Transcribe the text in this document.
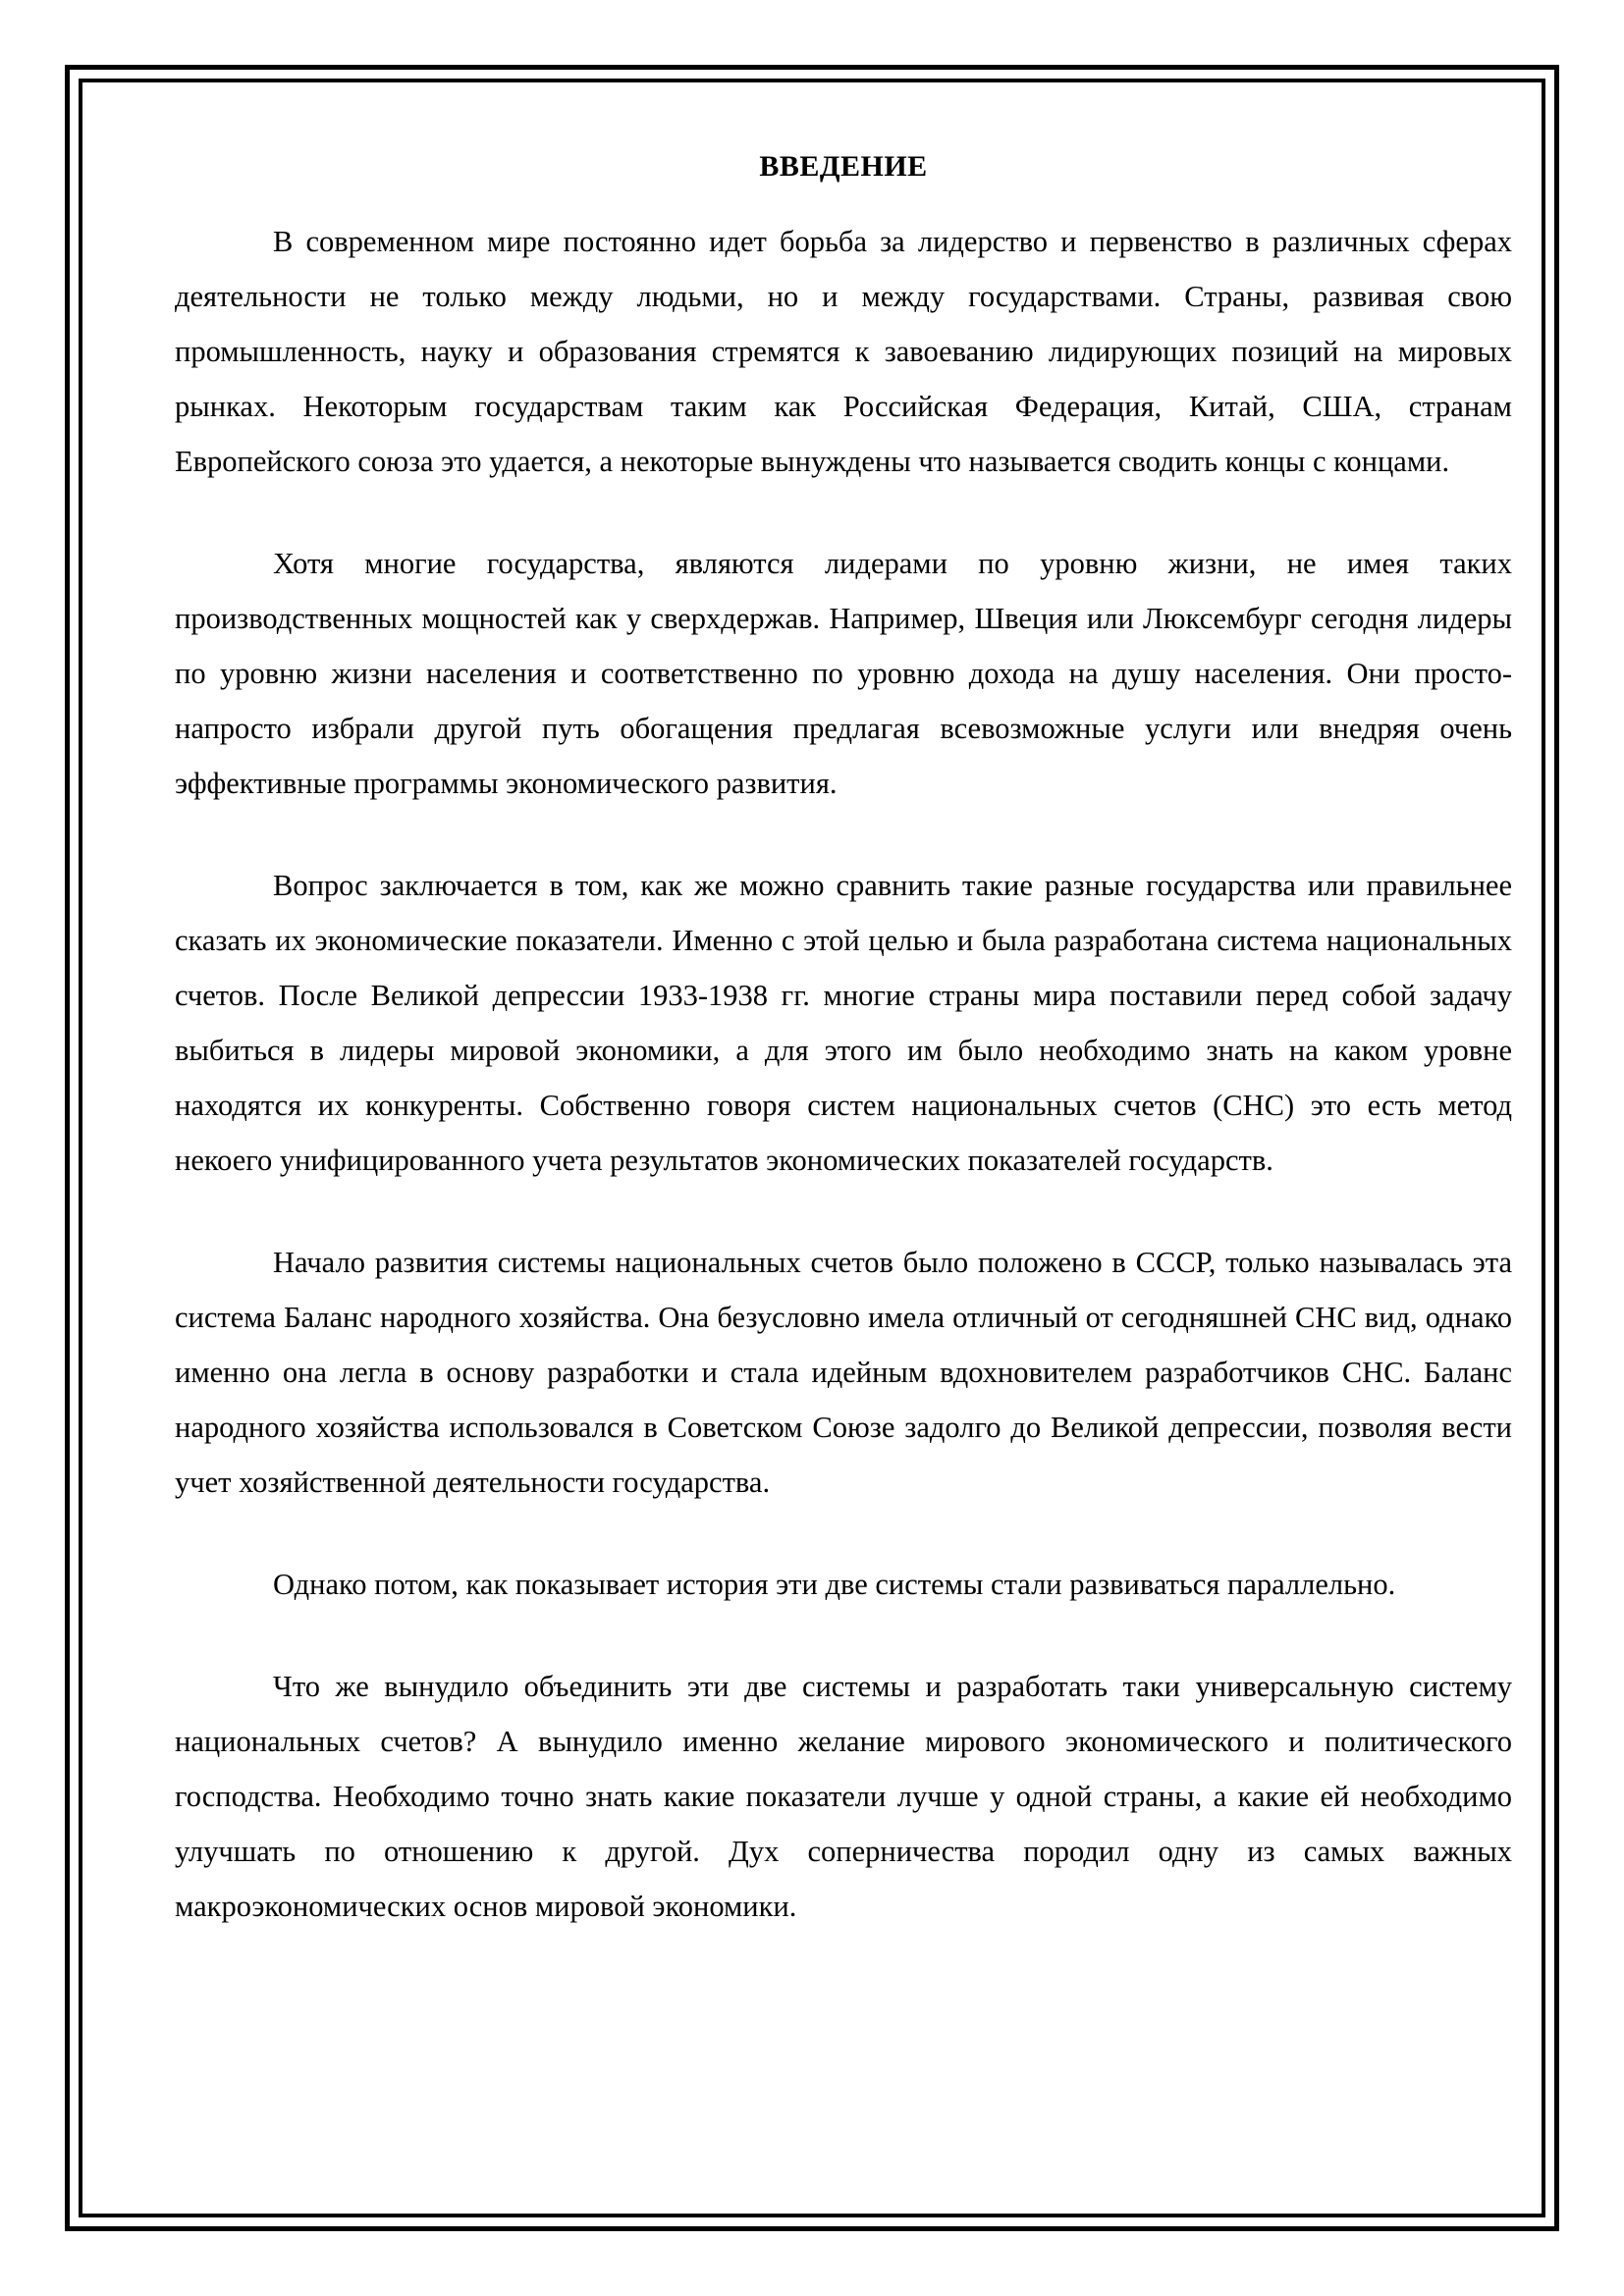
ВВЕДЕНИЕ

В современном мире постоянно идет борьба за лидерство и первенство в различных сферах деятельности не только между людьми, но и между государствами. Страны, развивая свою промышленность, науку и образования стремятся к завоеванию лидирующих позиций на мировых рынках. Некоторым государствам таким как Российская Федерация, Китай, США, странам Европейского союза это удается, а некоторые вынуждены что называется сводить концы с концами.

Хотя многие государства, являются лидерами по уровню жизни, не имея таких производственных мощностей как у сверхдержав. Например, Швеция или Люксембург сегодня лидеры по уровню жизни населения и соответственно по уровню дохода на душу населения. Они просто-напросто избрали другой путь обогащения предлагая всевозможные услуги или внедряя очень эффективные программы экономического развития.

Вопрос заключается в том, как же можно сравнить такие разные государства или правильнее сказать их экономические показатели. Именно с этой целью и была разработана система национальных счетов. После Великой депрессии 1933-1938 гг. многие страны мира поставили перед собой задачу выбиться в лидеры мировой экономики, а для этого им было необходимо знать на каком уровне находятся их конкуренты. Собственно говоря систем национальных счетов (СНС) это есть метод некоего унифицированного учета результатов экономических показателей государств.

Начало развития системы национальных счетов было положено в СССР, только называлась эта система Баланс народного хозяйства. Она безусловно имела отличный от сегодняшней СНС вид, однако именно она легла в основу разработки и стала идейным вдохновителем разработчиков СНС. Баланс народного хозяйства использовался в Советском Союзе задолго до Великой депрессии, позволяя вести учет хозяйственной деятельности государства.

Однако потом, как показывает история эти две системы стали развиваться параллельно.

Что же вынудило объединить эти две системы и разработать таки универсальную систему национальных счетов? А вынудило именно желание мирового экономического и политического господства. Необходимо точно знать какие показатели лучше у одной страны, а какие ей необходимо улучшать по отношению к другой. Дух соперничества породил одну из самых важных макроэкономических основ мировой экономики.
